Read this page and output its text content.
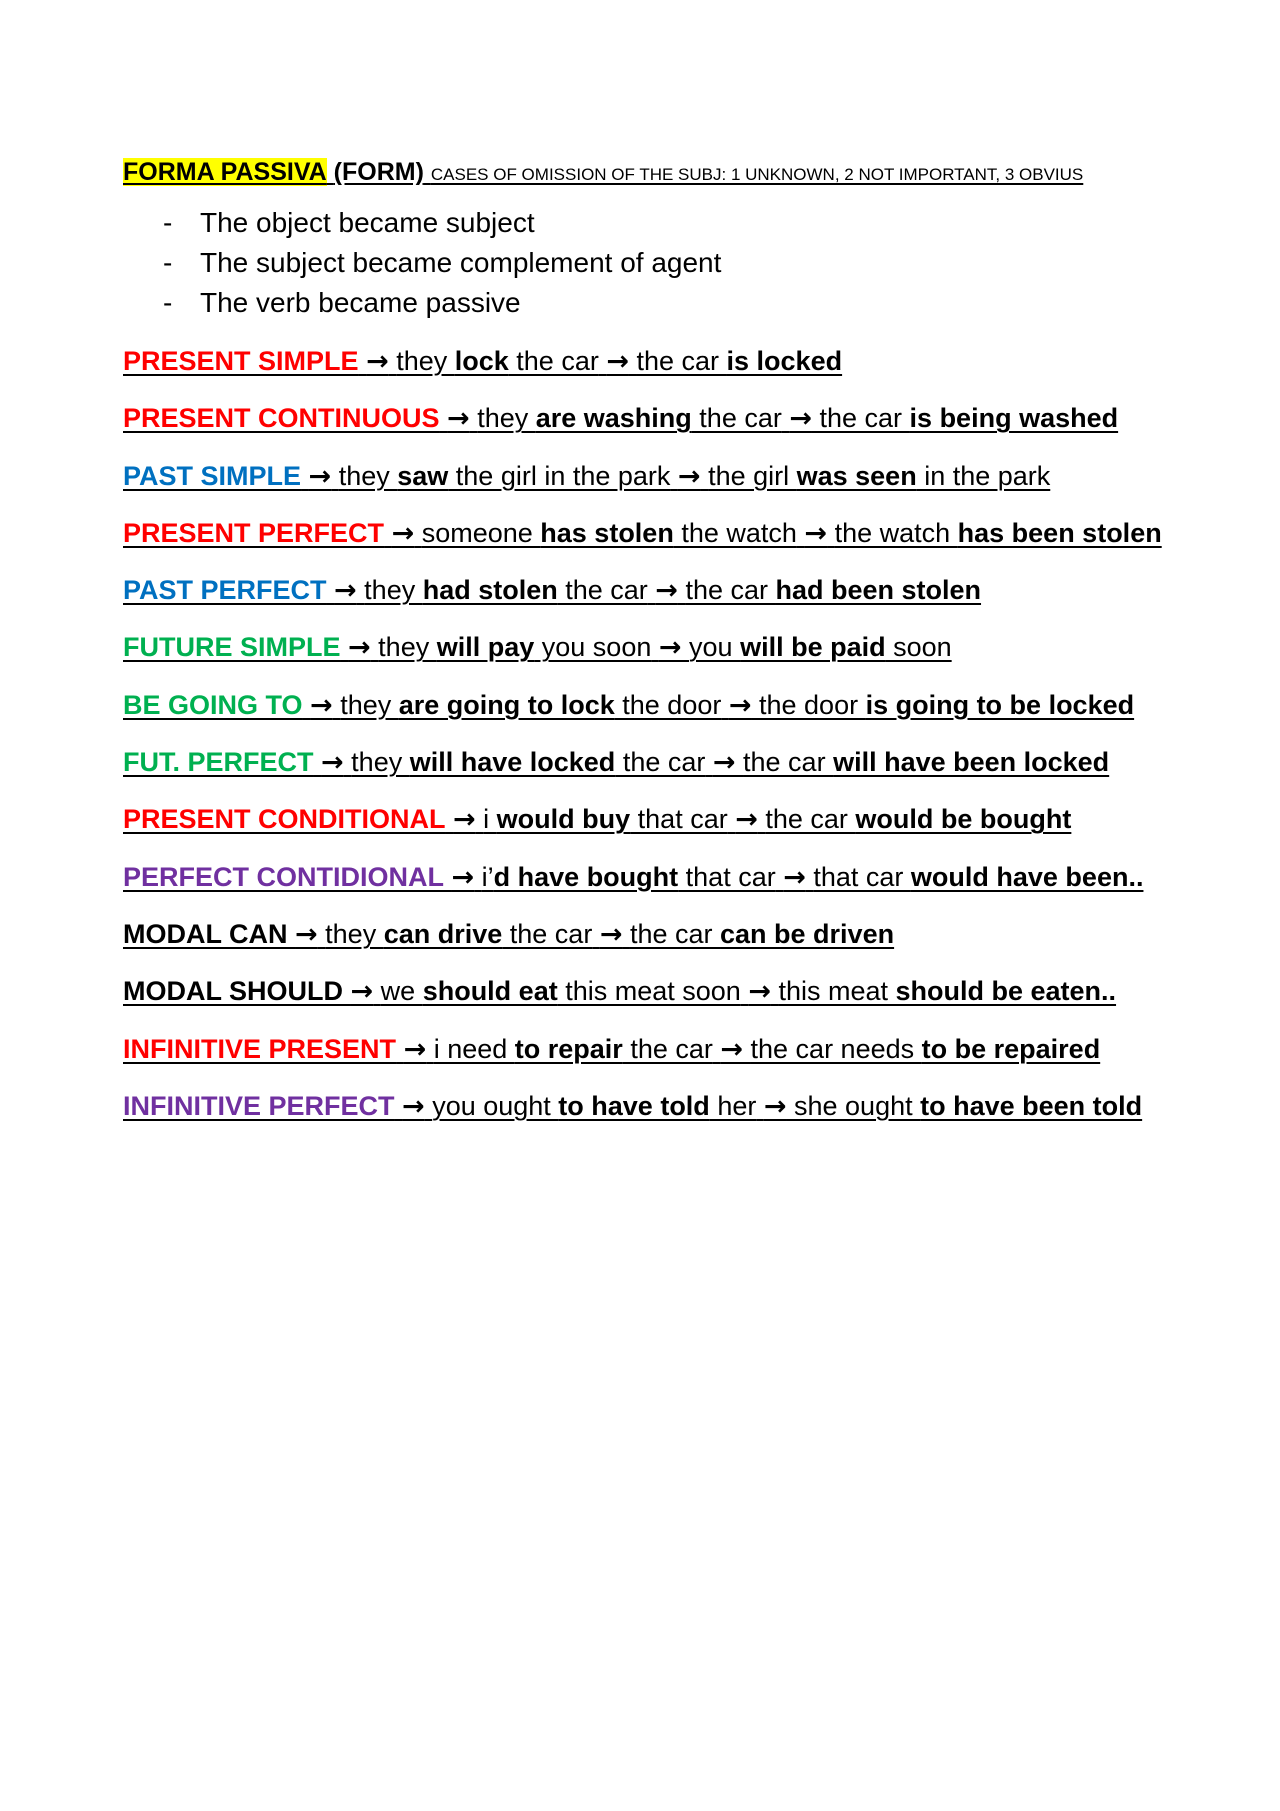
FORMA PASSIVA (FORM) CASES OF OMISSION OF THE SUBJ: 1 UNKNOWN, 2 NOT IMPORTANT, 3 OBVIUS
- The object became subject
- The subject became complement of agent
- The verb became passive
PRESENT SIMPLE → they lock the car → the car is locked
PRESENT CONTINUOUS → they are washing the car → the car is being washed
PAST SIMPLE → they saw the girl in the park → the girl was seen in the park
PRESENT PERFECT → someone has stolen the watch → the watch has been stolen
PAST PERFECT → they had stolen the car → the car had been stolen
FUTURE SIMPLE → they will pay you soon → you will be paid soon
BE GOING TO → they are going to lock the door → the door is going to be locked
FUT. PERFECT → they will have locked the car → the car will have been locked
PRESENT CONDITIONAL → i would buy that car → the car would be bought
PERFECT CONTIDIONAL → i’d have bought that car → that car would have been..
MODAL CAN → they can drive the car → the car can be driven
MODAL SHOULD → we should eat this meat soon → this meat should be eaten..
INFINITIVE PRESENT → i need to repair the car → the car needs to be repaired
INFINITIVE PERFECT → you ought to have told her → she ought to have been told
